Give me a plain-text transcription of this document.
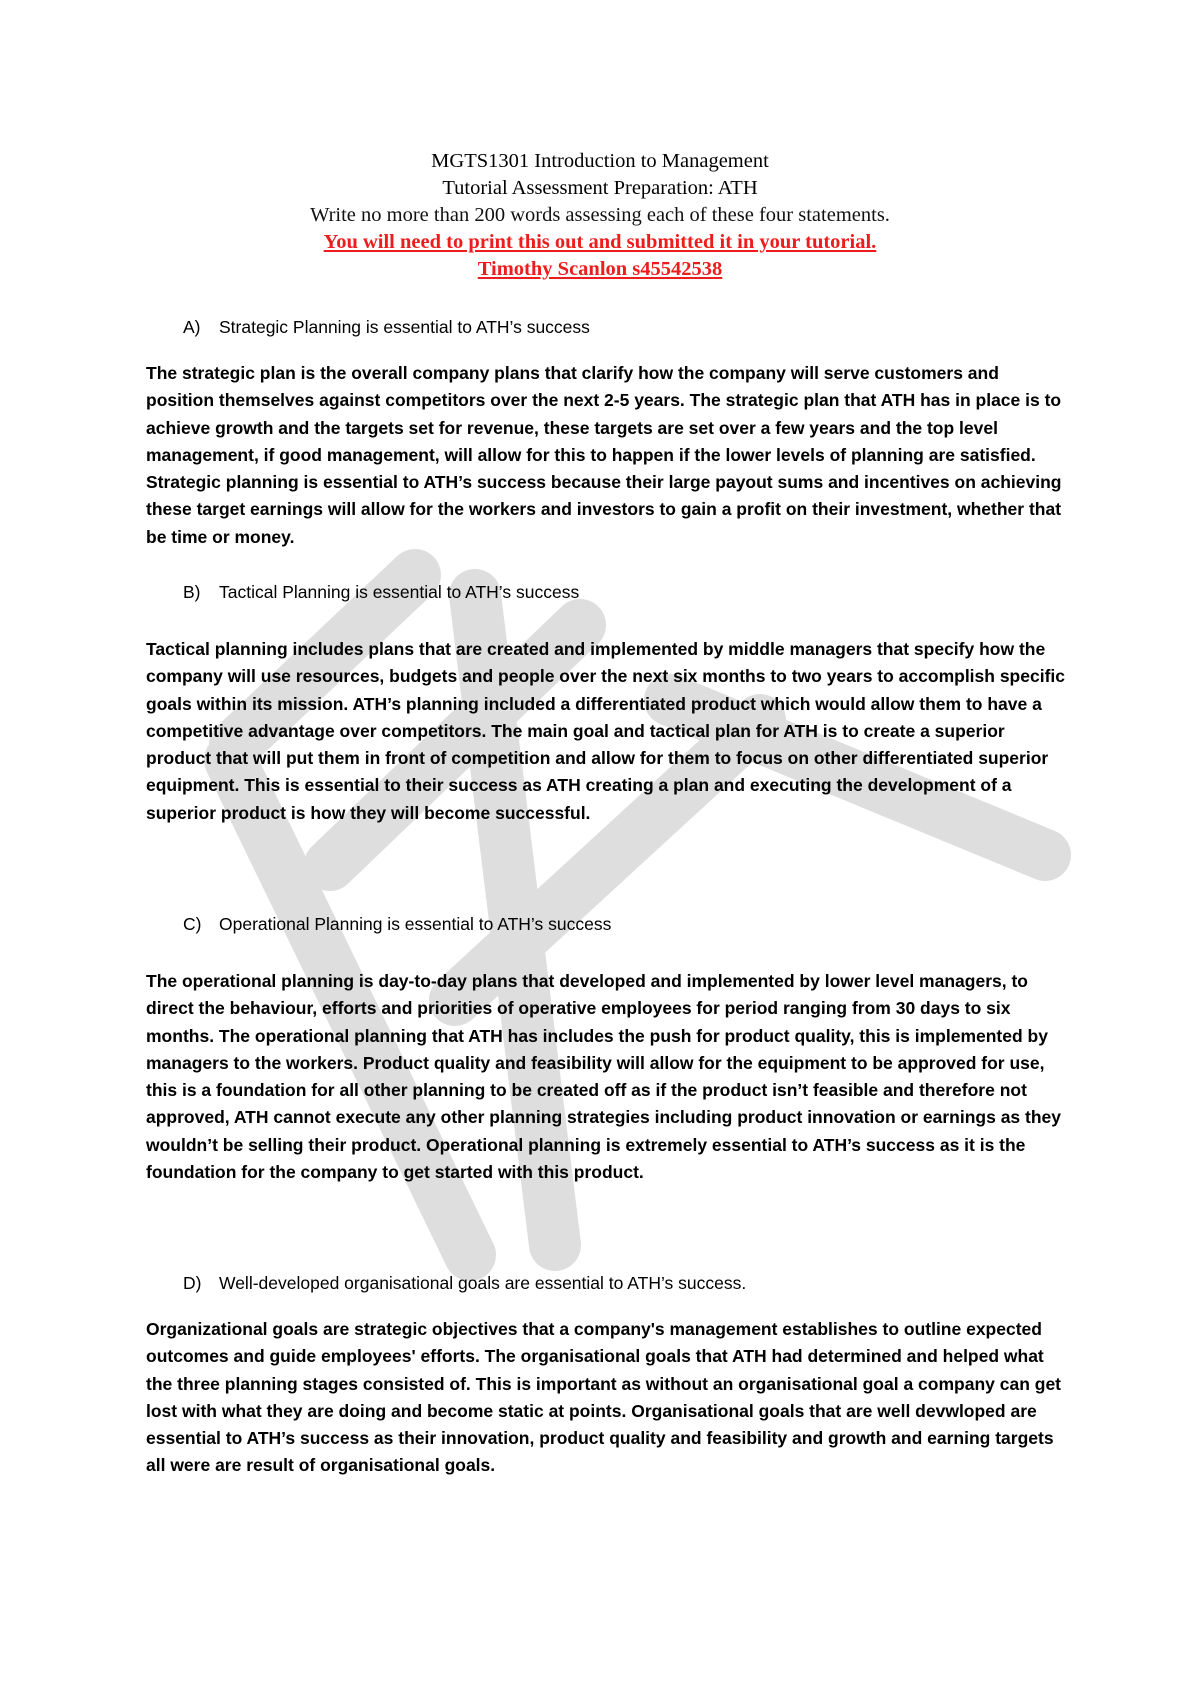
MGTS1301 Introduction to Management
Tutorial Assessment Preparation: ATH
Write no more than 200 words assessing each of these four statements.
You will need to print this out and submitted it in your tutorial.
Timothy Scanlon s45542538
A) Strategic Planning is essential to ATH’s success

The strategic plan is the overall company plans that clarify how the company will serve customers and position themselves against competitors over the next 2-5 years. The strategic plan that ATH has in place is to achieve growth and the targets set for revenue, these targets are set over a few years and the top level management, if good management, will allow for this to happen if the lower levels of planning are satisfied. Strategic planning is essential to ATH’s success because their large payout sums and incentives on achieving these target earnings will allow for the workers and investors to gain a profit on their investment, whether that be time or money.

B) Tactical Planning is essential to ATH’s success

Tactical planning includes plans that are created and implemented by middle managers that specify how the company will use resources, budgets and people over the next six months to two years to accomplish specific goals within its mission. ATH’s planning included a differentiated product which would allow them to have a competitive advantage over competitors. The main goal and tactical plan for ATH is to create a superior product that will put them in front of competition and allow for them to focus on other differentiated superior equipment. This is essential to their success as ATH creating a plan and executing the development of a superior product is how they will become successful.

C) Operational Planning is essential to ATH’s success

The operational planning is day-to-day plans that developed and implemented by lower level managers, to direct the behaviour, efforts and priorities of operative employees for period ranging from 30 days to six months. The operational planning that ATH has includes the push for product quality, this is implemented by managers to the workers. Product quality and feasibility will allow for the equipment to be approved for use, this is a foundation for all other planning to be created off as if the product isn’t feasible and therefore not approved, ATH cannot execute any other planning strategies including product innovation or earnings as they wouldn’t be selling their product. Operational planning is extremely essential to ATH’s success as it is the foundation for the company to get started with this product.

D) Well-developed organisational goals are essential to ATH’s success.

Organizational goals are strategic objectives that a company's management establishes to outline expected outcomes and guide employees' efforts. The organisational goals that ATH had determined and helped what the three planning stages consisted of. This is important as without an organisational goal a company can get lost with what they are doing and become static at points. Organisational goals that are well devwloped are essential to ATH’s success as their innovation, product quality and feasibility and growth and earning targets all were are result of organisational goals.
